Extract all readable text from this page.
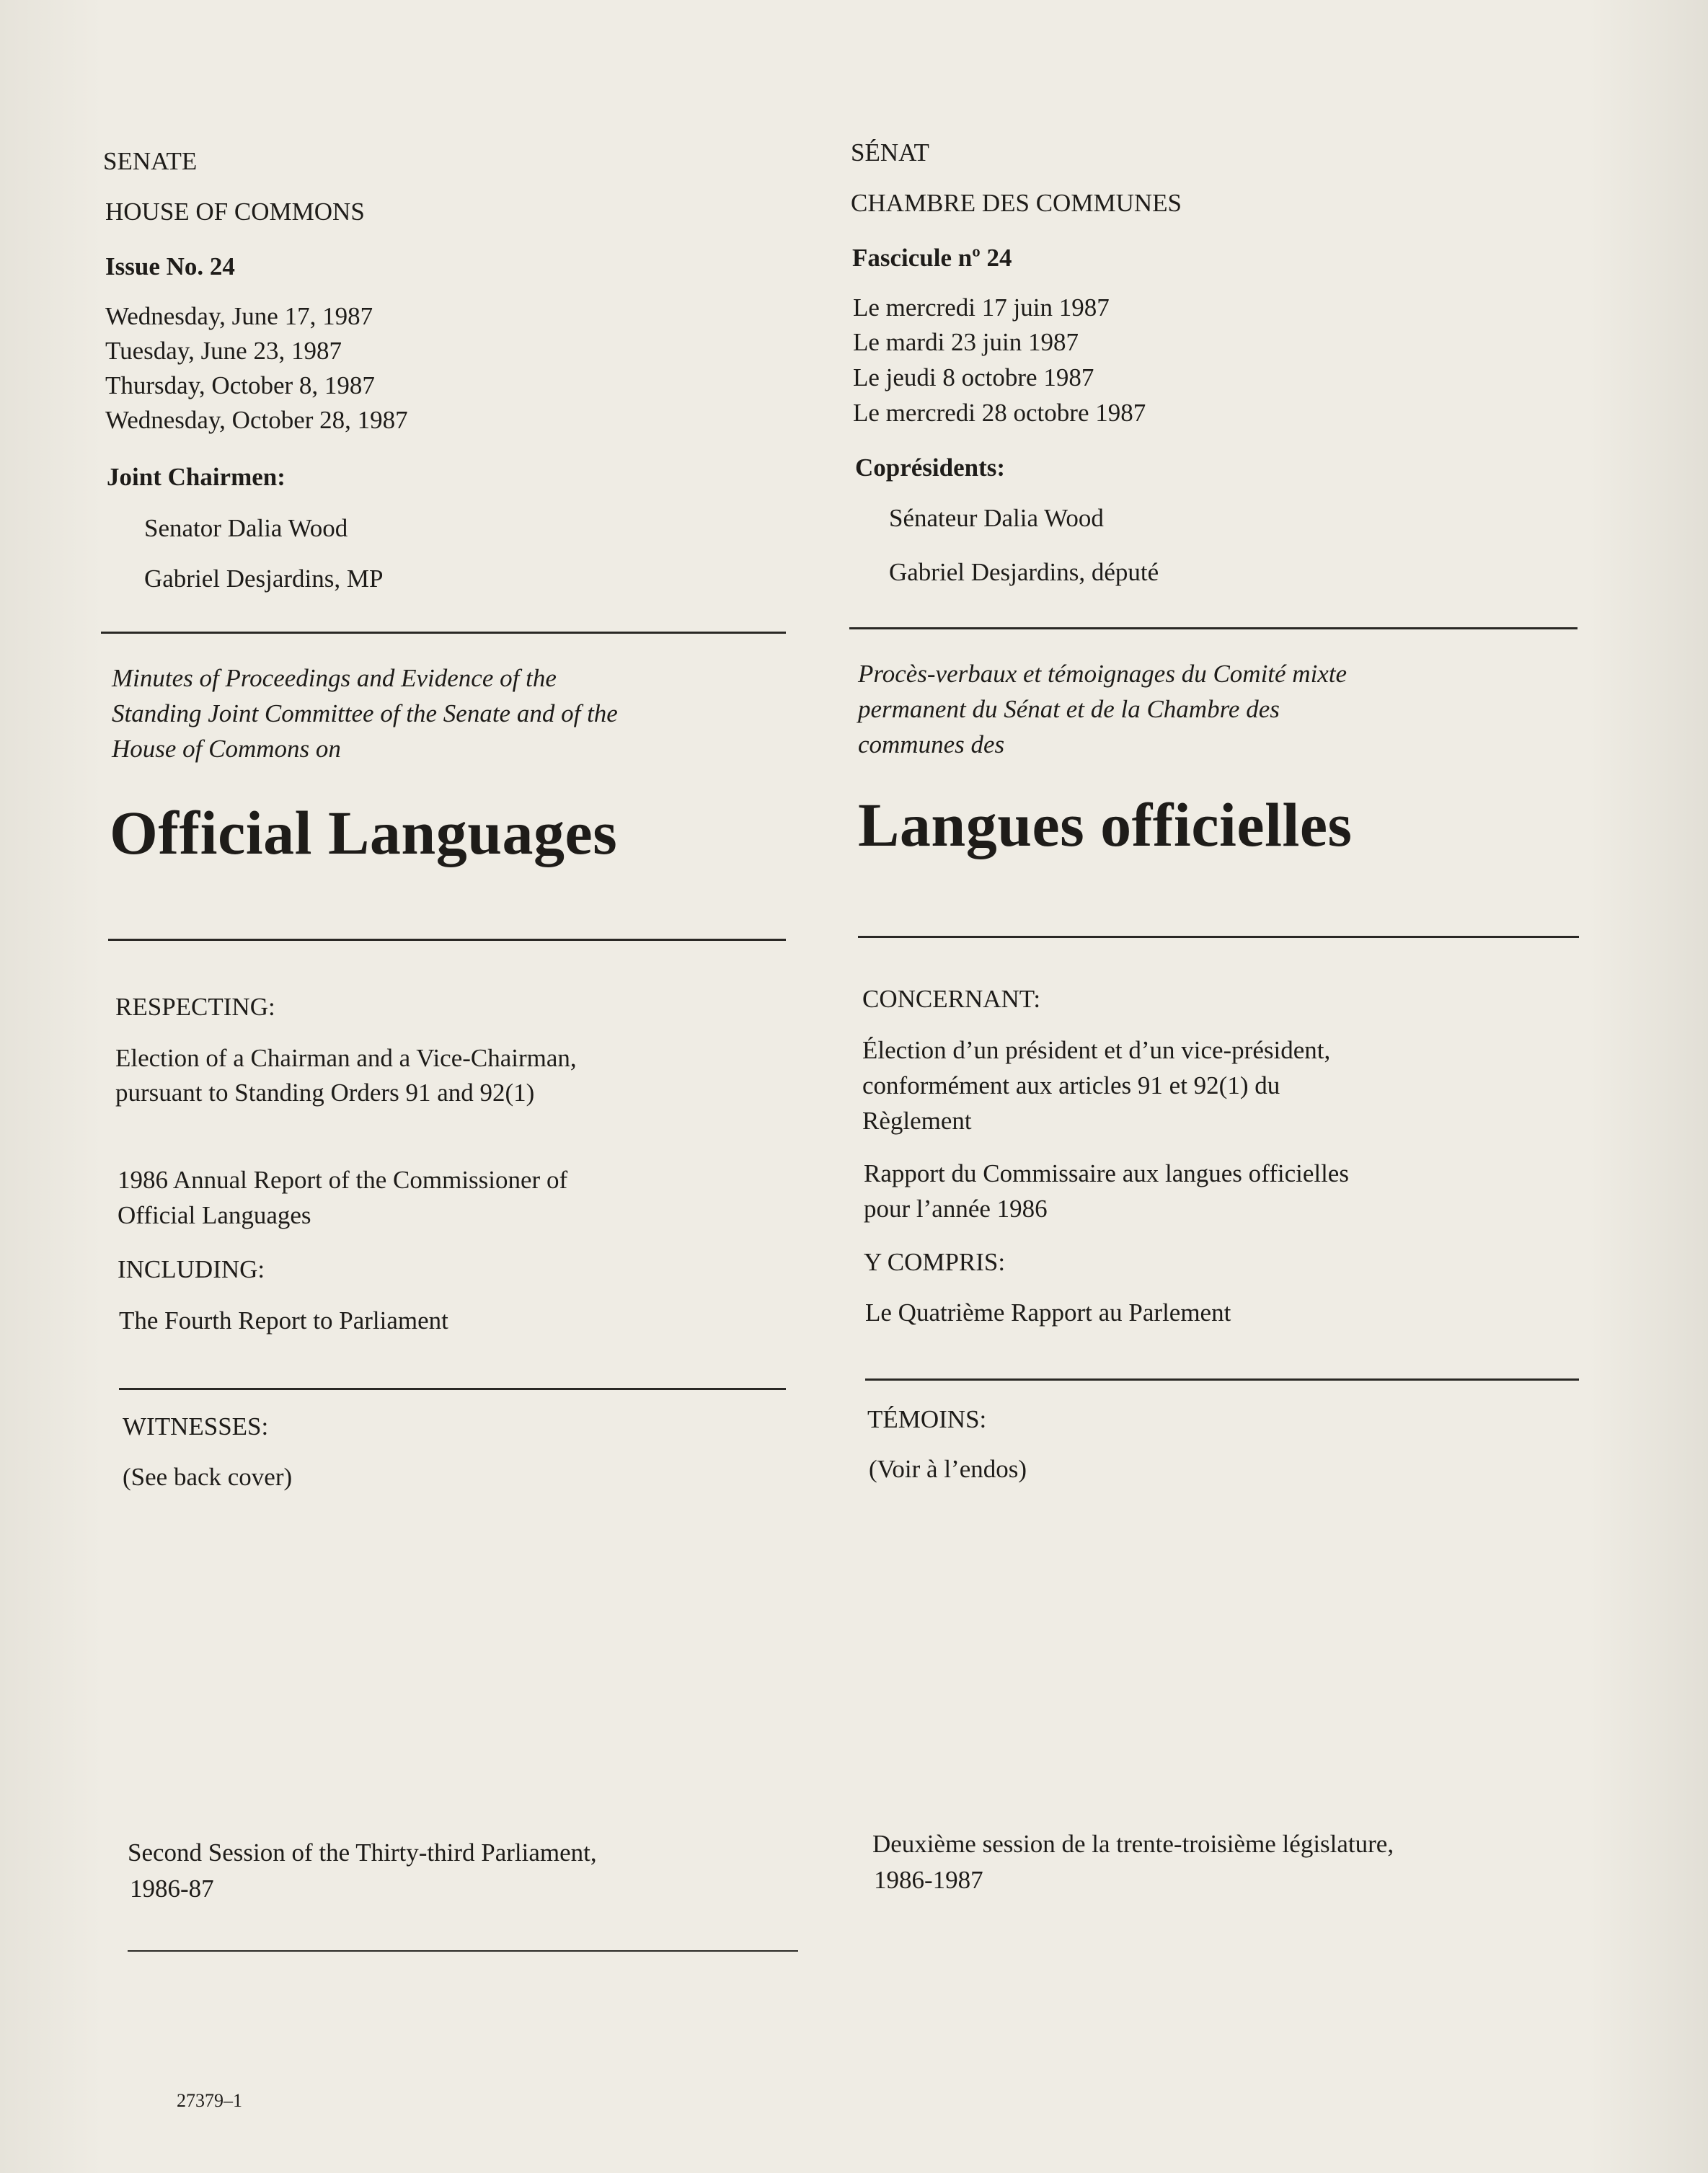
SENATE
HOUSE OF COMMONS
Issue No. 24
Wednesday, June 17, 1987
Tuesday, June 23, 1987
Thursday, October 8, 1987
Wednesday, October 28, 1987
Joint Chairmen:
Senator Dalia Wood
Gabriel Desjardins, MP
Minutes of Proceedings and Evidence of the
Standing Joint Committee of the Senate and of the
House of Commons on
Official Languages
RESPECTING:
Election of a Chairman and a Vice-Chairman,
pursuant to Standing Orders 91 and 92(1)
1986 Annual Report of the Commissioner of
Official Languages
INCLUDING:
The Fourth Report to Parliament
WITNESSES:
(See back cover)
Second Session of the Thirty-third Parliament,
1986-87
27379–1
SÉNAT
CHAMBRE DES COMMUNES
Fascicule nº 24
Le mercredi 17 juin 1987
Le mardi 23 juin 1987
Le jeudi 8 octobre 1987
Le mercredi 28 octobre 1987
Coprésidents:
Sénateur Dalia Wood
Gabriel Desjardins, député
Procès-verbaux et témoignages du Comité mixte
permanent du Sénat et de la Chambre des
communes des
Langues officielles
CONCERNANT:
Élection d’un président et d’un vice-président,
conformément aux articles 91 et 92(1) du
Règlement
Rapport du Commissaire aux langues officielles
pour l’année 1986
Y COMPRIS:
Le Quatrième Rapport au Parlement
TÉMOINS:
(Voir à l’endos)
Deuxième session de la trente-troisième législature,
1986-1987
